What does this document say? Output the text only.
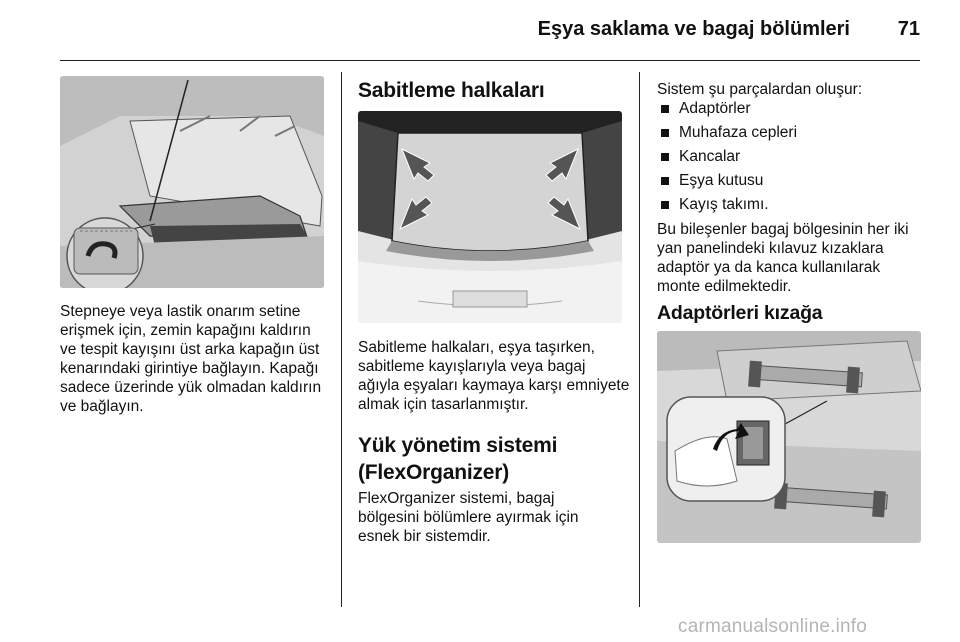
Eşya saklama ve bagaj bölümleri	71
Stepneye veya lastik onarım setine erişmek için, zemin kapağını kaldırın ve tespit kayışını üst arka kapağın üst kenarındaki girintiye bağlayın. Kapağı sadece üzerinde yük olmadan kaldırın ve bağlayın.
Sabitleme halkaları
Sabitleme halkaları, eşya taşırken, sabitleme kayışlarıyla veya bagaj ağıyla eşyaları kaymaya karşı emniyete almak için tasarlanmıştır.
Yük yönetim sistemi (FlexOrganizer)
FlexOrganizer sistemi, bagaj bölgesini bölümlere ayırmak için esnek bir sistemdir.
Sistem şu parçalardan oluşur:
Adaptörler
Muhafaza cepleri
Kancalar
Eşya kutusu
Kayış takımı.
Bu bileşenler bagaj bölgesinin her iki yan panelindeki kılavuz kızaklara adaptör ya da kanca kullanılarak monte edilmektedir.
Adaptörleri kızağa
carmanualsonline.info
